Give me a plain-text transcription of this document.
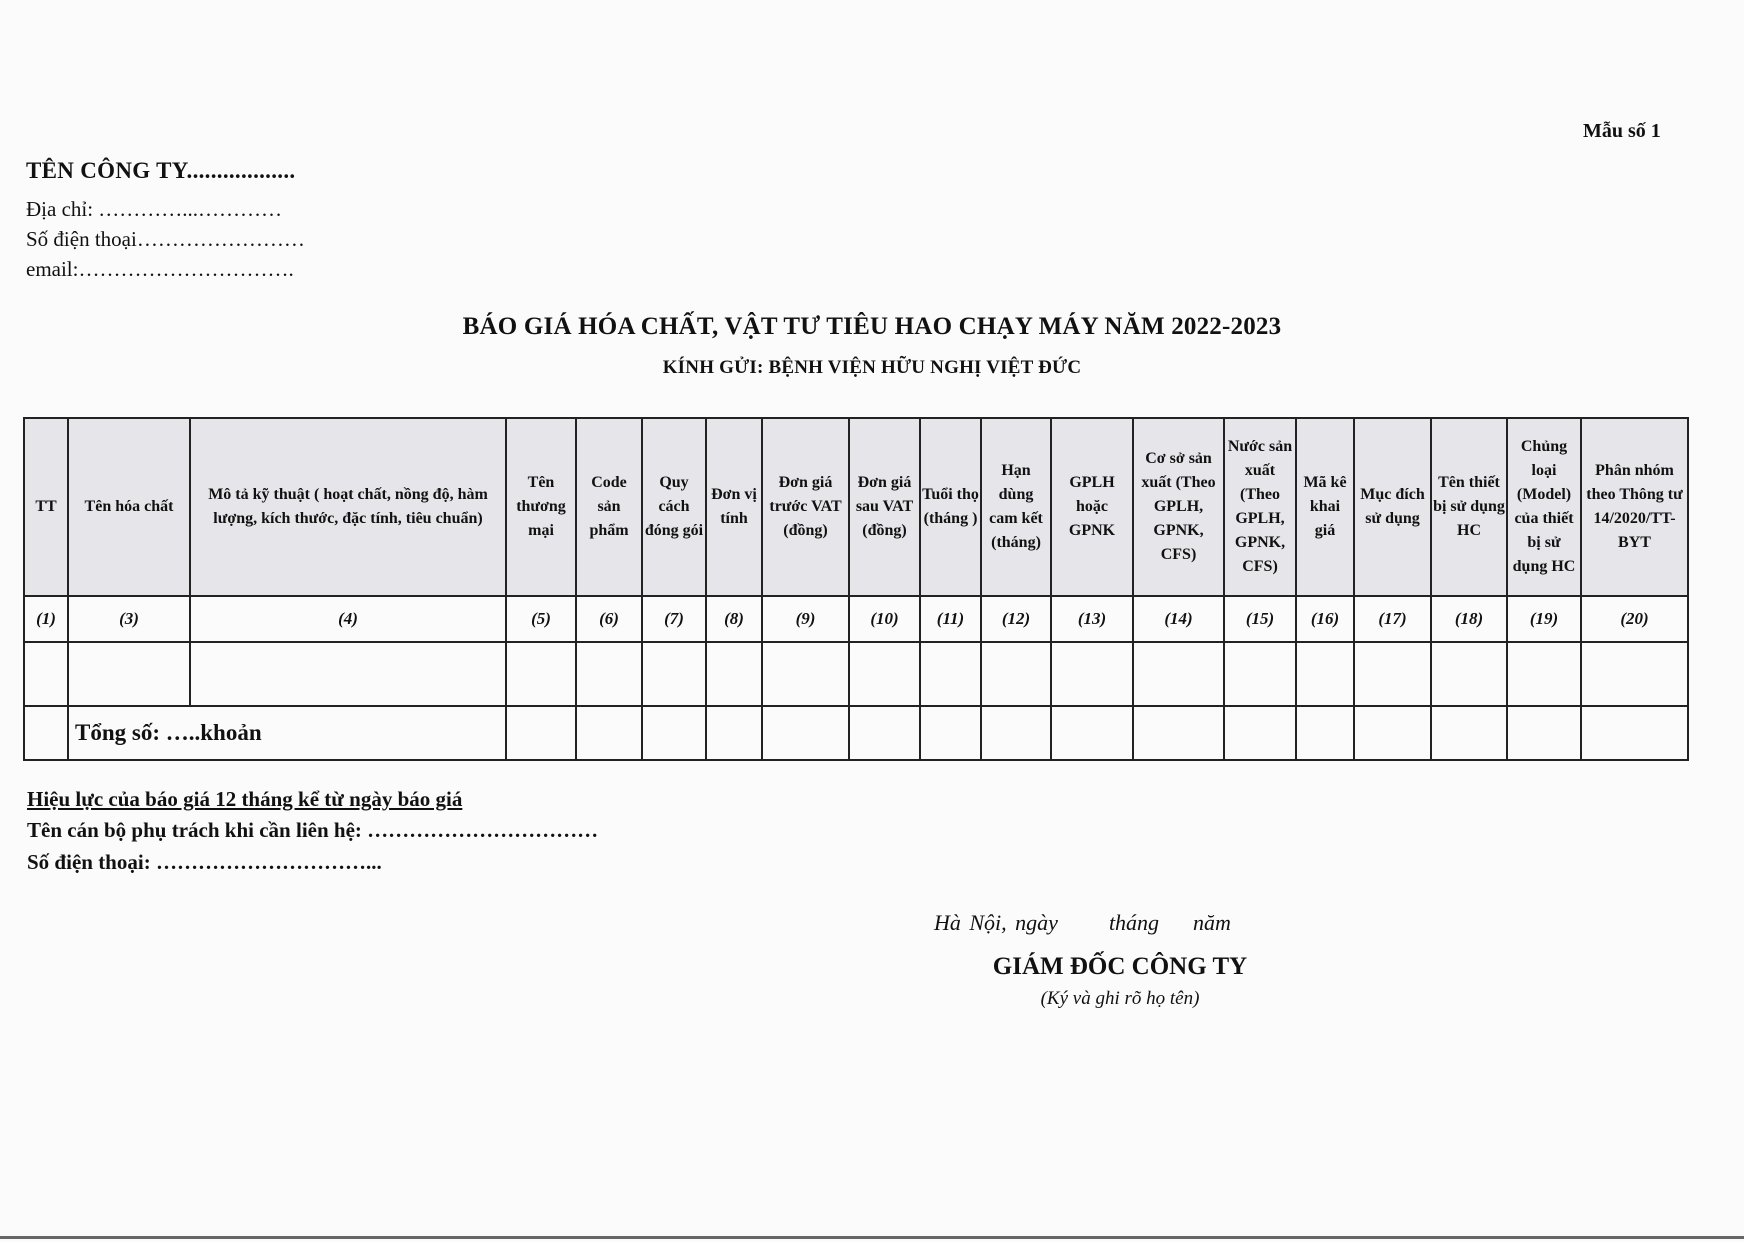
Mẫu số 1
TÊN CÔNG TY..................
Địa chỉ: …………...…………
Số điện thoại……………………
email:………………………….
BÁO GIÁ HÓA CHẤT, VẬT TƯ TIÊU HAO CHẠY MÁY NĂM 2022-2023
KÍNH GỬI: BỆNH VIỆN HỮU NGHỊ VIỆT ĐỨC
TT	Tên hóa chất	Mô tả kỹ thuật ( hoạt chất, nồng độ, hàm lượng, kích thước, đặc tính, tiêu chuẩn)	Tên thương mại	Code sản phẩm	Quy cách đóng gói	Đơn vị tính	Đơn giá trước VAT (đồng)	Đơn giá sau VAT (đồng)	Tuổi thọ (tháng )	Hạn dùng cam kết (tháng)	GPLH hoặc GPNK	Cơ sở sản xuất (Theo GPLH, GPNK, CFS)	Nước sản xuất (Theo GPLH, GPNK, CFS)	Mã kê khai giá	Mục đích sử dụng	Tên thiết bị sử dụng HC	Chủng loại (Model) của thiết bị sử dụng HC	Phân nhóm theo Thông tư 14/2020/TT-BYT
(1)	(3)	(4)	(5)	(6)	(7)	(8)	(9)	(10)	(11)	(12)	(13)	(14)	(15)	(16)	(17)	(18)	(19)	(20)

	Tổng số: …..khoản																	
Hiệu lực của báo giá 12 tháng kể từ ngày báo giá
Tên cán bộ phụ trách khi cần liên hệ: ……………………………
Số điện thoại: …………………………...
Hà Nội, ngày      tháng    năm
GIÁM ĐỐC CÔNG TY
(Ký và ghi rõ họ tên)
